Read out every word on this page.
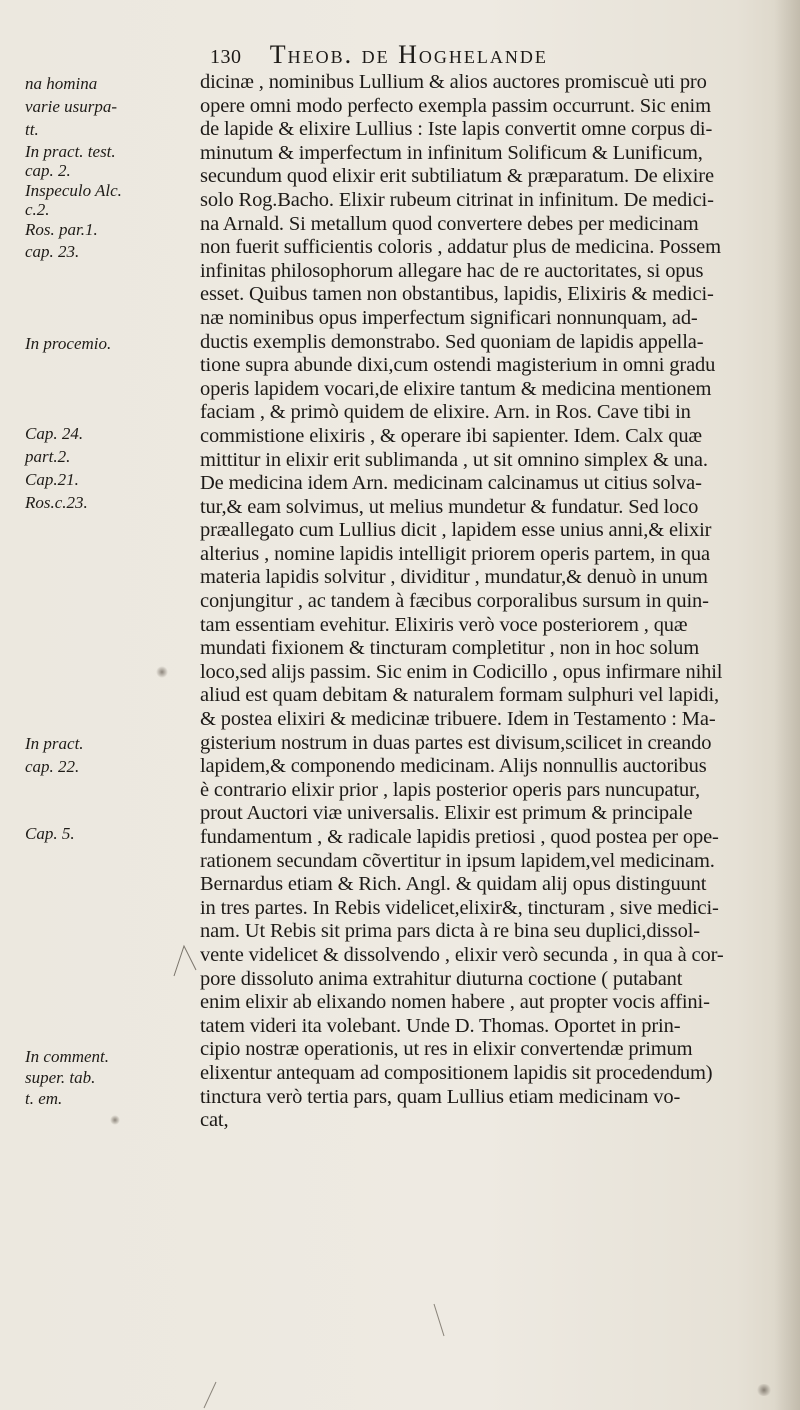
130 Theob. de Hoghelande
na homina
varie usurpa-
tt.
In pract. test.
cap. 2.
Inspeculo Alc.
c.2.
Ros. par.1.
cap. 23.
In procemio.
Cap. 24.
part.2.
Cap.21.
Ros.c.23.
In pract.
cap. 22.
Cap. 5.
In comment.
super. tab.
t. em.
dicinæ , nominibus Lullium & alios auctores promiscuè uti pro
opere omni modo perfecto exempla passim occurrunt. Sic enim
de lapide & elixire Lullius : Iste lapis convertit omne corpus di-
minutum & imperfectum in infinitum Solificum & Lunificum,
secundum quod elixir erit subtiliatum & præparatum. De elixire
solo Rog.Bacho. Elixir rubeum citrinat in infinitum. De medici-
na Arnald. Si metallum quod convertere debes per medicinam
non fuerit sufficientis coloris , addatur plus de medicina. Possem
infinitas philosophorum allegare hac de re auctoritates, si opus
esset. Quibus tamen non obstantibus, lapidis, Elixiris & medici-
næ nominibus opus imperfectum significari nonnunquam, ad-
ductis exemplis demonstrabo. Sed quoniam de lapidis appella-
tione supra abunde dixi,cum ostendi magisterium in omni gradu
operis lapidem vocari,de elixire tantum & medicina mentionem
faciam , & primò quidem de elixire. Arn. in Ros. Cave tibi in
commistione elixiris , & operare ibi sapienter. Idem. Calx quæ
mittitur in elixir erit sublimanda , ut sit omnino simplex & una.
De medicina idem Arn. medicinam calcinamus ut citius solva-
tur,& eam solvimus, ut melius mundetur & fundatur. Sed loco
præallegato cum Lullius dicit , lapidem esse unius anni,& elixir
alterius , nomine lapidis intelligit priorem operis partem, in qua
materia lapidis solvitur , dividitur , mundatur,& denuò in unum
conjungitur , ac tandem à fæcibus corporalibus sursum in quin-
tam essentiam evehitur. Elixiris verò voce posteriorem , quæ
mundati fixionem & tincturam completitur , non in hoc solum
loco,sed alijs passim. Sic enim in Codicillo , opus infirmare nihil
aliud est quam debitam & naturalem formam sulphuri vel lapidi,
& postea elixiri & medicinæ tribuere. Idem in Testamento : Ma-
gisterium nostrum in duas partes est divisum,scilicet in creando
lapidem,& componendo medicinam. Alijs nonnullis auctoribus
è contrario elixir prior , lapis posterior operis pars nuncupatur,
prout Auctori viæ universalis. Elixir est primum & principale
fundamentum , & radicale lapidis pretiosi , quod postea per ope-
rationem secundam cõvertitur in ipsum lapidem,vel medicinam.
Bernardus etiam & Rich. Angl. & quidam alij opus distinguunt
in tres partes. In Rebis videlicet,elixir&, tincturam , sive medici-
nam. Ut Rebis sit prima pars dicta à re bina seu duplici,dissol-
vente videlicet & dissolvendo , elixir verò secunda , in qua à cor-
pore dissoluto anima extrahitur diuturna coctione ( putabant
enim elixir ab elixando nomen habere , aut propter vocis affini-
tatem videri ita volebant. Unde D. Thomas. Oportet in prin-
cipio nostræ operationis, ut res in elixir convertendæ primum
elixentur antequam ad compositionem lapidis sit procedendum)
tinctura verò tertia pars, quam Lullius etiam medicinam vo-
cat,
